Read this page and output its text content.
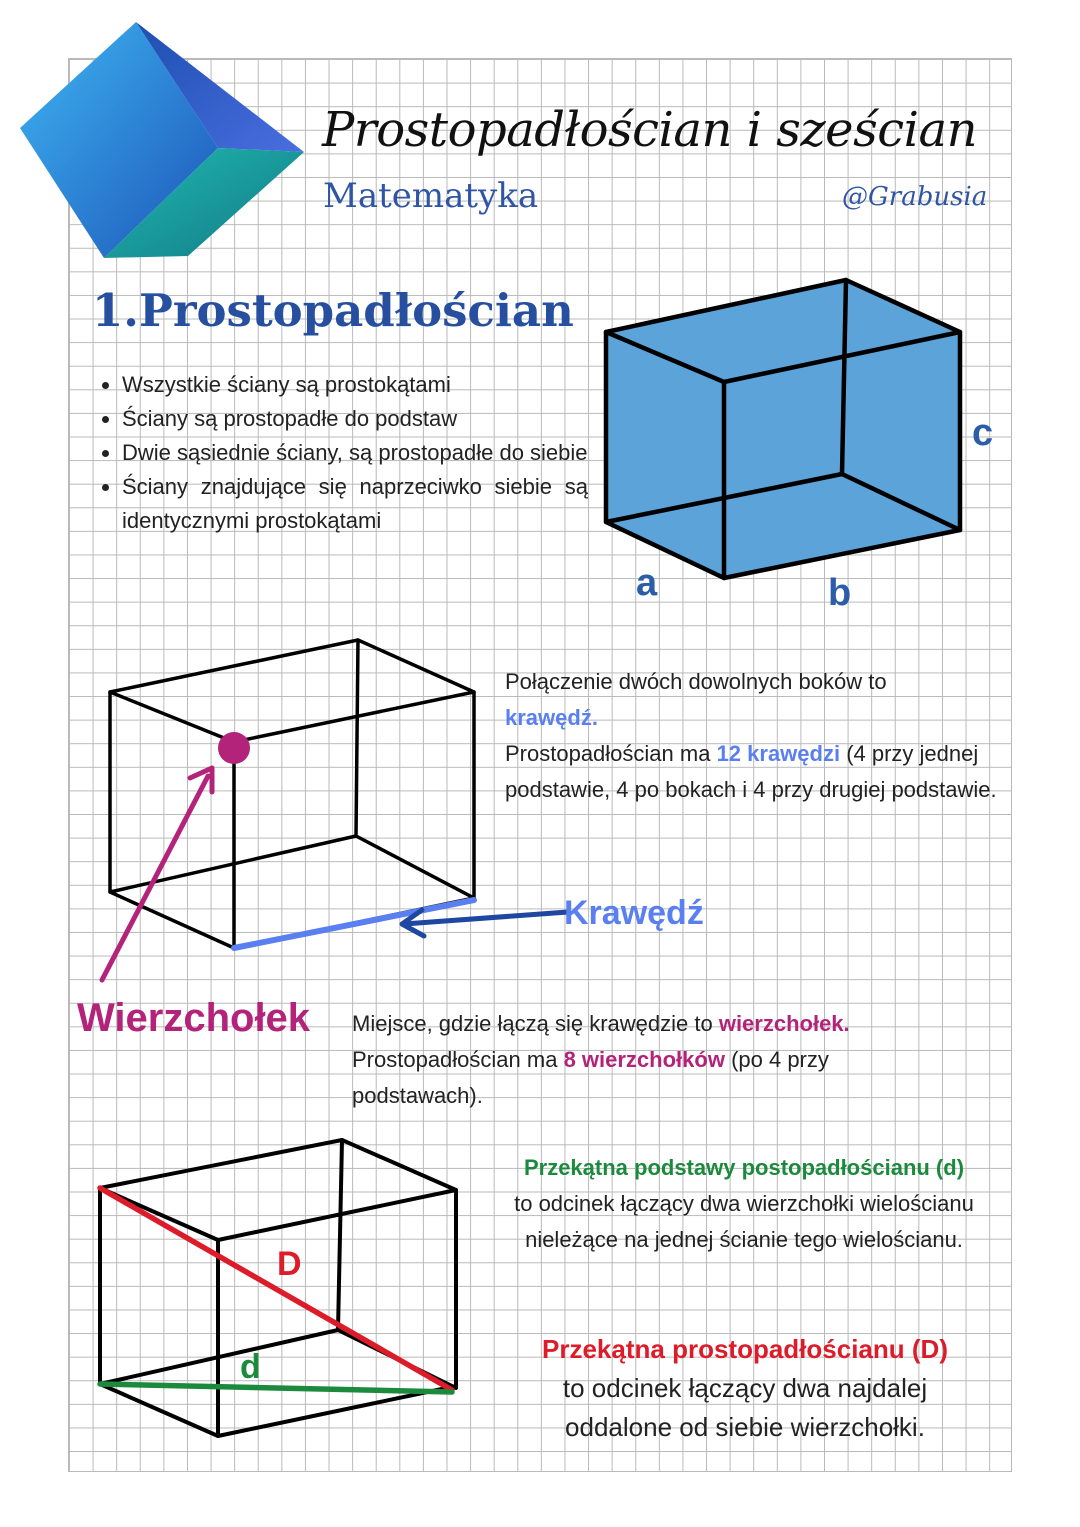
Prostopadłościan i sześcian
Matematyka	@Grabusia
1.Prostopadłościan
• Wszystkie ściany są prostokątami
• Ściany są prostopadłe do podstaw
• Dwie sąsiednie ściany, są prostopadłe do siebie
• Ściany znajdujące się naprzeciwko siebie są identycznymi prostokątami
a	b
c
Krawędź
Połączenie dwóch dowolnych boków to
krawędź.
Prostopadłościan ma 12 krawędzi (4 przy jednej podstawie, 4 po bokach i 4 przy drugiej podstawie.
Wierzchołek Miejsce, gdzie łączą się krawędzie to wierzchołek.
Prostopadłościan ma 8 wierzchołków (po 4 przy podstawach).
D
d
Przekątna podstawy postopadłościanu (d)
to odcinek łączący dwa wierzchołki wielościanu nieleżące na jednej ścianie tego wielościanu.
Przekątna prostopadłościanu (D)
to odcinek łączący dwa najdalej oddalone od siebie wierzchołki.
